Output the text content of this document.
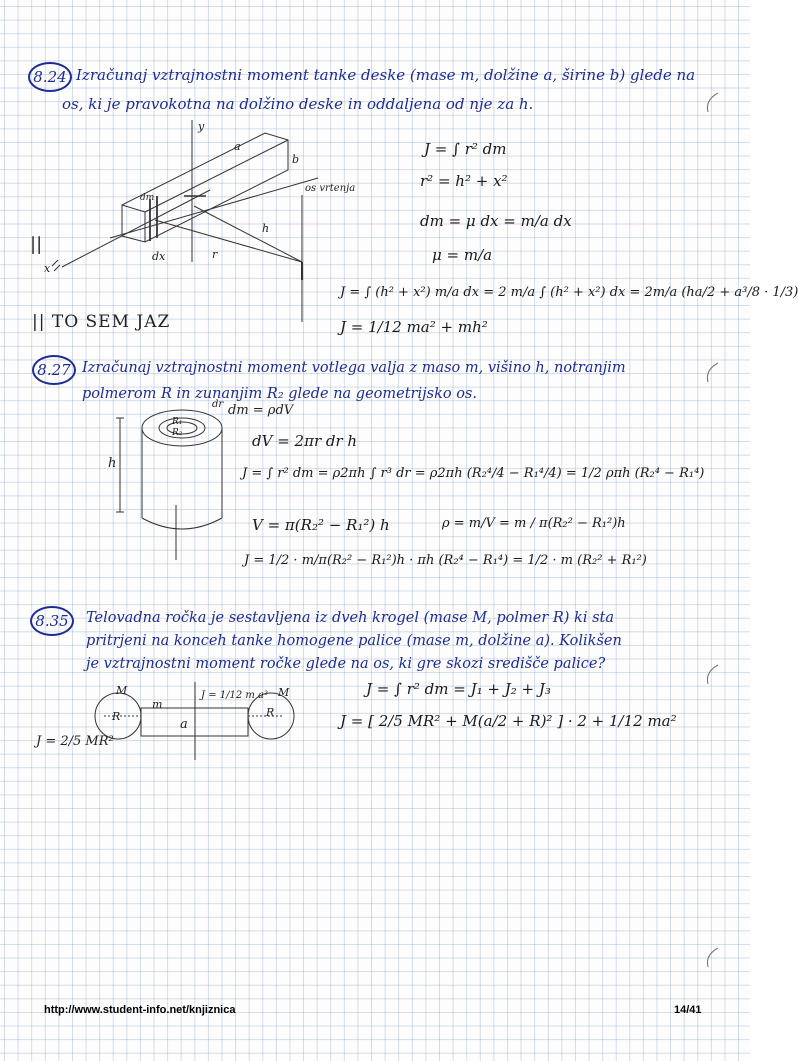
8.24 Izračunaj vztrajnostni moment tanke deske (mase m, dolžine a, širine b) glede na
os, ki je pravokotna na dolžino deske in oddaljena od nje za h.
y
x
a
b
h
r
dm
dx
os vrtenja
||
J = ∫ r² dm
r² = h² + x²
dm = μ dx = m/a dx
μ = m/a
J = ∫ (h² + x²) m/a dx = 2 m/a ∫ (h² + x²) dx = 2m/a (ha/2 + a³/8 · 1/3)
J = 1/12 ma² + mh²
|| TO SEM JAZ
8.27 Izračunaj vztrajnostni moment votlega valja z maso m, višino h, notranjim
polmerom R in zunanjim R₂ glede na geometrijsko os.
R₁
R₂
dr dm = ρdV
h
dV = 2πr dr h
J = ∫ r² dm = ρ2πh ∫ r³ dr = ρ2πh (R₂⁴/4 − R₁⁴/4) = 1/2 ρπh (R₂⁴ − R₁⁴)
V = π(R₂² − R₁²) h	ρ = m/V = m / π(R₂² − R₁²)h
J = 1/2 · m/π(R₂² − R₁²)h · πh (R₂⁴ − R₁⁴) = 1/2 · m (R₂² + R₁²)
8.35	Telovadna ročka je sestavljena iz dveh krogel (mase M, polmer R) ki sta
pritrjeni na konceh tanke homogene palice (mase m, dolžine a). Kolikšen
je vztrajnostni moment ročke glede na os, ki gre skozi središče palice?
M	M
m
a
R	R
J = 1/12 m a²
J = 2/5 MR²
J = ∫ r² dm = J₁ + J₂ + J₃
J = [ 2/5 MR² + M(a/2 + R)² ] · 2 + 1/12 ma²
http://www.student-info.net/knjiznica	14/41
